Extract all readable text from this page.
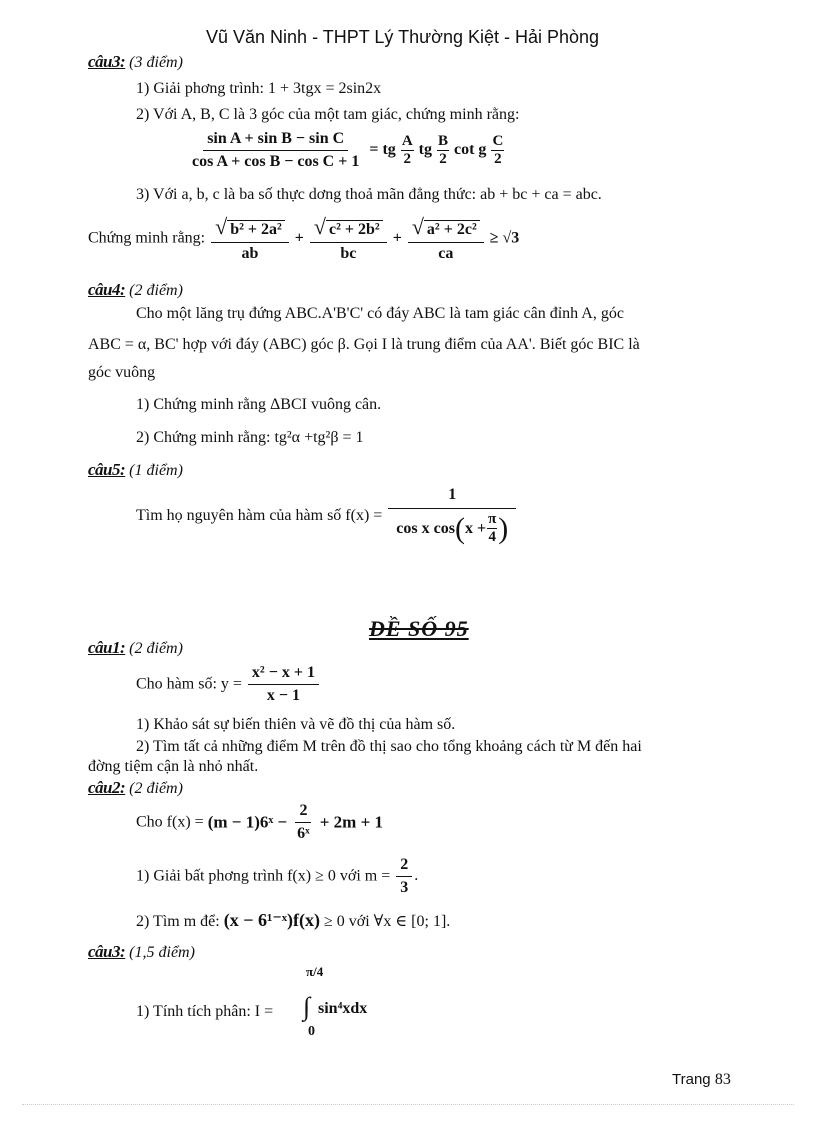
Vũ Văn Ninh - THPT Lý Thường Kiệt - Hải Phòng
câu3: (3 điểm)
1) Giải phơng trình: 1 + 3tgx = 2sin2x
2) Với A, B, C là 3 góc của một tam giác, chứng minh rằng:
$\frac{\text{sin A + sin B − sin C}}{\text{cos A + cos B − cos C + 1}}$ = tg $\frac{A}{2}$ tg $\frac{B}{2}$ cot g $\frac{C}{2}$
3) Với a, b, c là ba số thực dơng thoả mãn đẳng thức: ab + bc + ca = abc.
Chứng minh rằng: $\frac{\text{√ b² + 2a²}}{ab} + \frac{\text{√ c² + 2b²}}{bc} + \frac{\text{√ a² + 2c²}}{ca} \ge √3$
câu4: (2 điểm)
Cho một lăng trụ đứng ABC.A'B'C' có đáy ABC là tam giác cân đỉnh A, góc
ABC = α, BC' hợp với đáy (ABC) góc β. Gọi I là trung điểm của AA'. Biết góc BIC là
góc vuông
1) Chứng minh rằng ΔBCI vuông cân.
2) Chứng minh rằng: tg²α +tg²β = 1
câu5: (1 điểm)
Tìm họ nguyên hàm của hàm số $f(x) = \frac{1}{\cos x \cos ( x + \frac{\pi}{4} )}$
ĐỀ SỐ 95
câu1: (2 điểm)
Cho hàm số: $y = \frac{\text{x² − x + 1}}{x - 1}$
1) Khảo sát sự biến thiên và vẽ đồ thị của hàm số.
2) Tìm tất cả những điểm M trên đồ thị sao cho tổng khoảng cách từ M đến hai
đờng tiệm cận là nhỏ nhất.
câu2: (2 điểm)
Cho f(x) = (m − 1)6ˣ − $\frac{2}{\text{6ˣ}} + 2m + 1$
1) Giải bất phơng trình f(x) ≥ 0 với $m = \frac{2}{3}$ .
2) Tìm m để: (x − 6¹⁻ˣ)f(x) ≥ 0 với ∀x ∈ [0; 1].
câu3: (1,5 điểm)
1) Tính tích phân: I =
π/4
∫
0
sin⁴xdx
Trang 83
